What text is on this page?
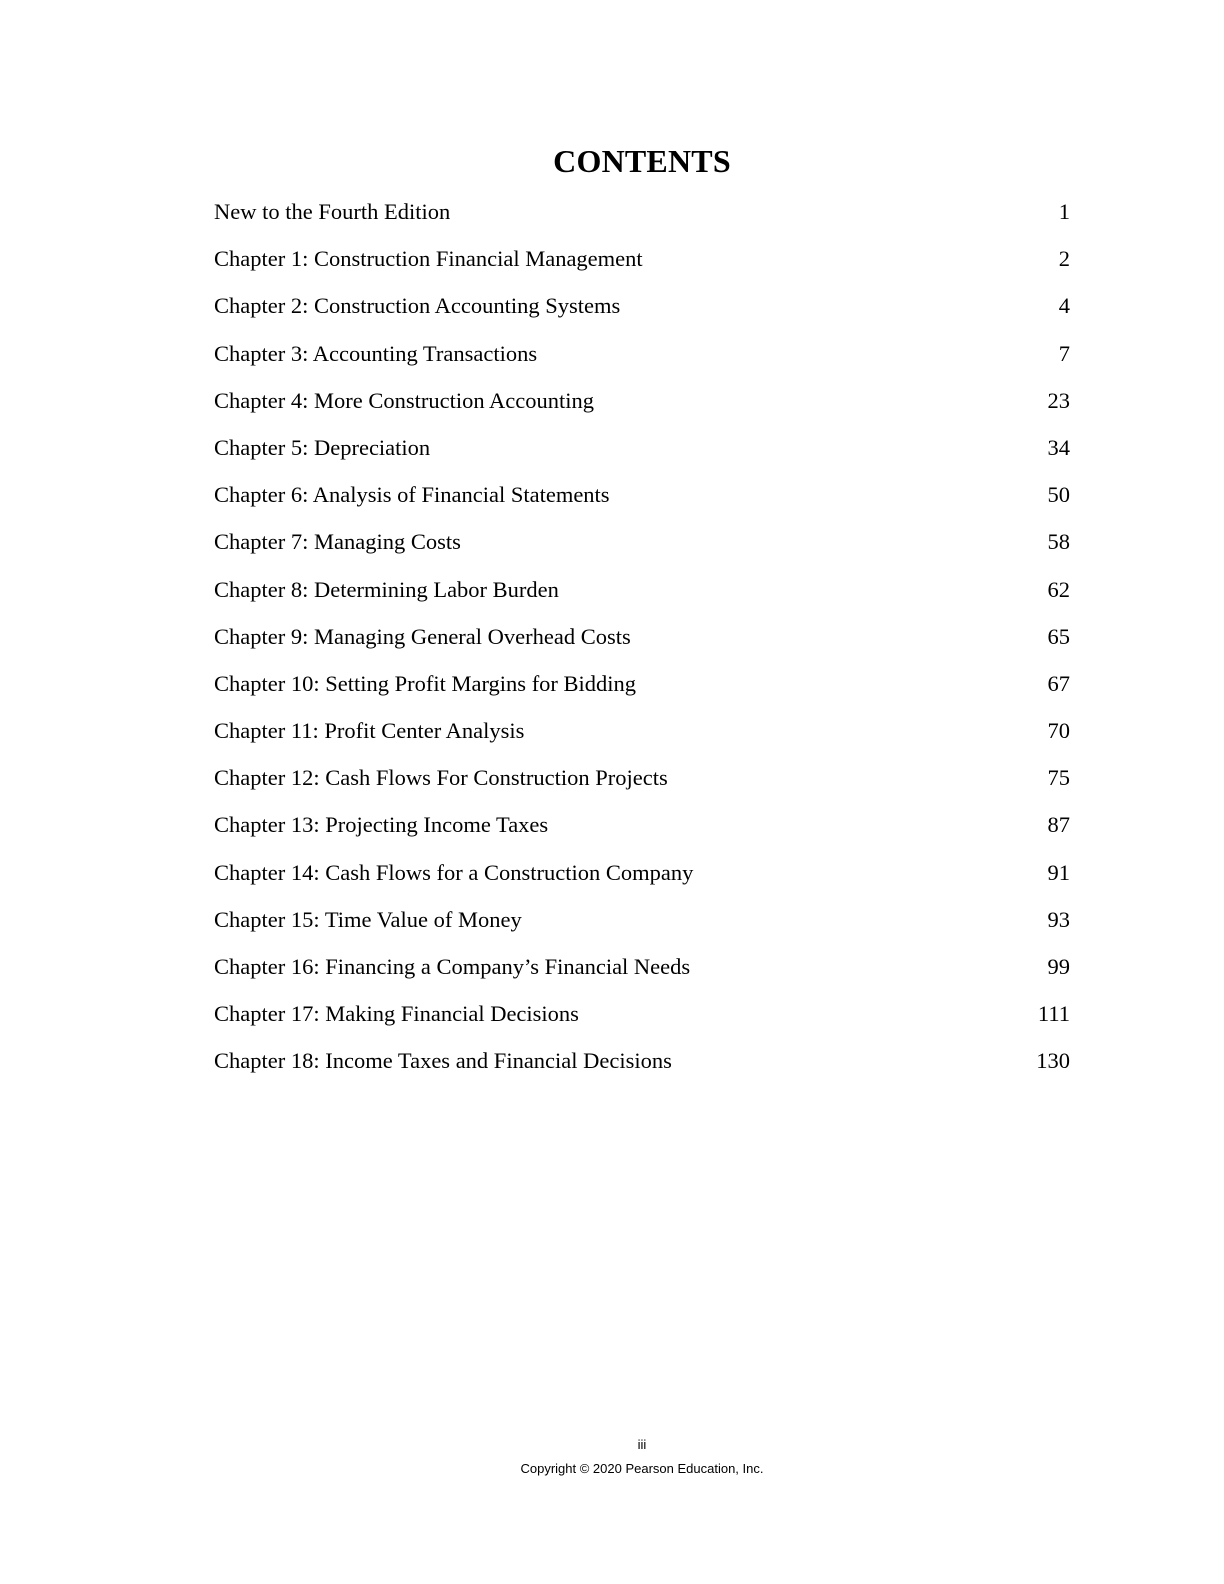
CONTENTS
New to the Fourth Edition	1
Chapter 1: Construction Financial Management	2
Chapter 2: Construction Accounting Systems	4
Chapter 3: Accounting Transactions	7
Chapter 4: More Construction Accounting	23
Chapter 5: Depreciation	34
Chapter 6: Analysis of Financial Statements	50
Chapter 7: Managing Costs	58
Chapter 8: Determining Labor Burden	62
Chapter 9: Managing General Overhead Costs	65
Chapter 10: Setting Profit Margins for Bidding	67
Chapter 11: Profit Center Analysis	70
Chapter 12: Cash Flows For Construction Projects	75
Chapter 13: Projecting Income Taxes	87
Chapter 14: Cash Flows for a Construction Company	91
Chapter 15: Time Value of Money	93
Chapter 16: Financing a Company’s Financial Needs	99
Chapter 17: Making Financial Decisions	111
Chapter 18: Income Taxes and Financial Decisions	130
iii
Copyright © 2020 Pearson Education, Inc.
